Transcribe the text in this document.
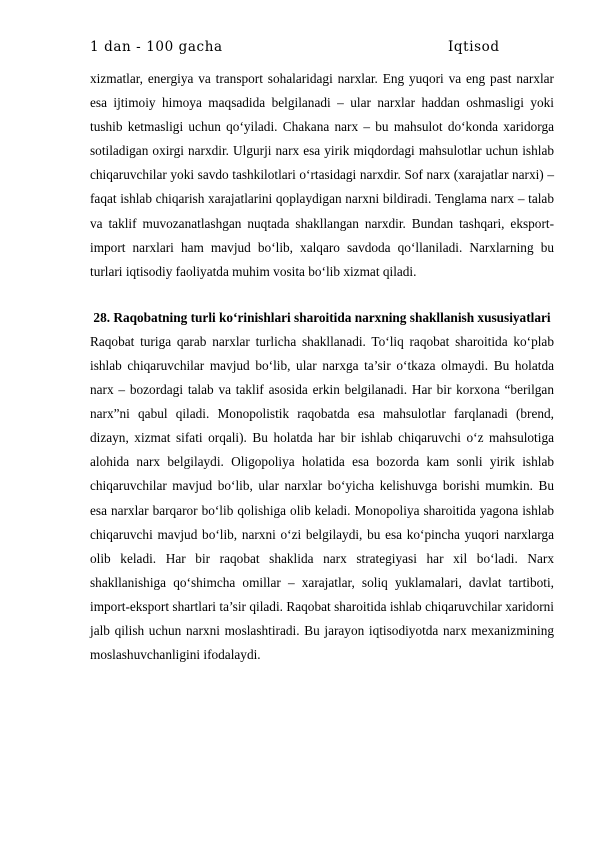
1 dan - 100 gacha	Iqtisod

xizmatlar, energiya va transport sohalaridagi narxlar. Eng yuqori va eng past narxlar esa ijtimoiy himoya maqsadida belgilanadi – ular narxlar haddan oshmasligi yoki tushib ketmasligi uchun qo‘yiladi. Chakana narx – bu mahsulot do‘konda xaridorga sotiladigan oxirgi narxdir. Ulgurji narx esa yirik miqdordagi mahsulotlar uchun ishlab chiqaruvchilar yoki savdo tashkilotlari o‘rtasidagi narxdir. Sof narx (xarajatlar narxi) – faqat ishlab chiqarish xarajatlarini qoplaydigan narxni bildiradi. Tenglama narx – talab va taklif muvozanatlashgan nuqtada shakllangan narxdir. Bundan tashqari, eksport-import narxlari ham mavjud bo‘lib, xalqaro savdoda qo‘llaniladi. Narxlarning bu turlari iqtisodiy faoliyatda muhim vosita bo‘lib xizmat qiladi.

28. Raqobatning turli ko‘rinishlari sharoitida narxning shakllanish xususiyatlari

Raqobat turiga qarab narxlar turlicha shakllanadi. To‘liq raqobat sharoitida ko‘plab ishlab chiqaruvchilar mavjud bo‘lib, ular narxga ta’sir o‘tkaza olmaydi. Bu holatda narx – bozordagi talab va taklif asosida erkin belgilanadi. Har bir korxona “berilgan narx”ni qabul qiladi. Monopolistik raqobatda esa mahsulotlar farqlanadi (brend, dizayn, xizmat sifati orqali). Bu holatda har bir ishlab chiqaruvchi o‘z mahsulotiga alohida narx belgilaydi. Oligopoliya holatida esa bozorda kam sonli yirik ishlab chiqaruvchilar mavjud bo‘lib, ular narxlar bo‘yicha kelishuvga borishi mumkin. Bu esa narxlar barqaror bo‘lib qolishiga olib keladi. Monopoliya sharoitida yagona ishlab chiqaruvchi mavjud bo‘lib, narxni o‘zi belgilaydi, bu esa ko‘pincha yuqori narxlarga olib keladi. Har bir raqobat shaklida narx strategiyasi har xil bo‘ladi. Narx shakllanishiga qo‘shimcha omillar – xarajatlar, soliq yuklamalari, davlat tartiboti, import-eksport shartlari ta’sir qiladi. Raqobat sharoitida ishlab chiqaruvchilar xaridorni jalb qilish uchun narxni moslashtiradi. Bu jarayon iqtisodiyotda narx mexanizmining moslashuvchanligini ifodalaydi.
